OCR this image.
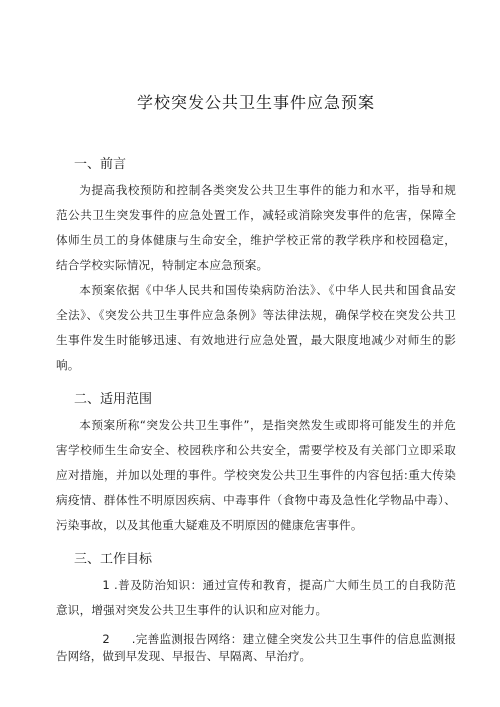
学校突发公共卫生事件应急预案
一、前言

为提高我校预防和控制各类突发公共卫生事件的能力和水平，指导和规范公共卫生突发事件的应急处置工作，减轻或消除突发事件的危害，保障全体师生员工的身体健康与生命安全，维护学校正常的教学秩序和校园稳定，结合学校实际情况，特制定本应急预案。

本预案依据《中华人民共和国传染病防治法》、《中华人民共和国食品安全法》、《突发公共卫生事件应急条例》等法律法规，确保学校在突发公共卫生事件发生时能够迅速、有效地进行应急处置，最大限度地减少对师生的影响。

二、适用范围

本预案所称“突发公共卫生事件”，是指突然发生或即将可能发生的并危害学校师生生命安全、校园秩序和公共安全，需要学校及有关部门立即采取应对措施，并加以处理的事件。学校突发公共卫生事件的内容包括:重大传染病疫情、群体性不明原因疾病、中毒事件（食物中毒及急性化学物品中毒）、污染事故，以及其他重大疑难及不明原因的健康危害事件。

三、工作目标

1 .普及防治知识：通过宣传和教育，提高广大师生员工的自我防范意识，增强对突发公共卫生事件的认识和应对能力。

2 .完善监测报告网络：建立健全突发公共卫生事件的信息监测报告网络，做到早发现、早报告、早隔离、早治疗。
